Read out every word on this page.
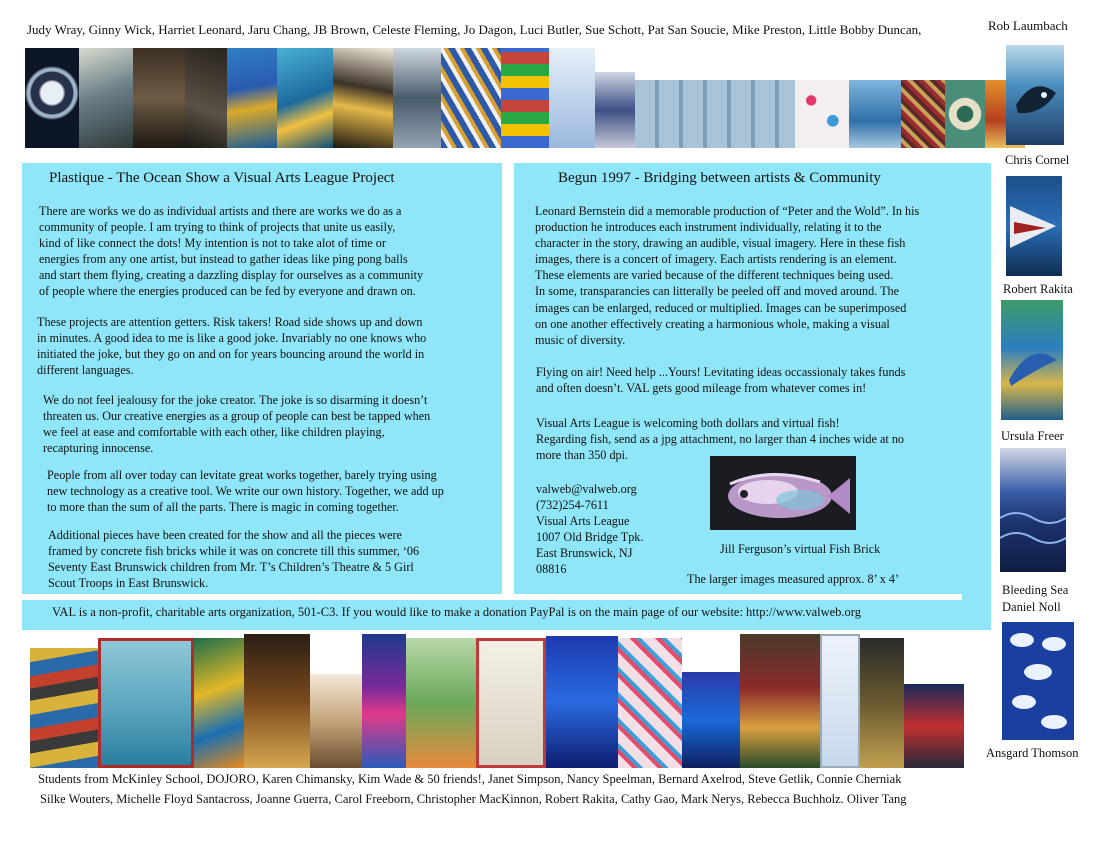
Judy Wray, Ginny Wick, Harriet Leonard, Jaru Chang, JB Brown, Celeste Fleming, Jo Dagon, Luci Butler, Sue Schott, Pat San Soucie, Mike Preston, Little Bobby Duncan,	Rob Laumbach
Plastique - The Ocean Show a Visual Arts League Project
There are works we do as individual artists and there are works we do as a
community of people. I am trying to think of projects that unite us easily,
kind of like connect the dots! My intention is not to take alot of time or
energies from any one artist, but instead to gather ideas like ping pong balls
and start them flying, creating a dazzling display for ourselves as a community
of people where the energies produced can be fed by everyone and drawn on.
These projects are attention getters. Risk takers! Road side shows up and down
in minutes. A good idea to me is like a good joke. Invariably no one knows who
initiated the joke, but they go on and on for years bouncing around the world in
different languages.
We do not feel jealousy for the joke creator. The joke is so disarming it doesn’t
threaten us. Our creative energies as a group of people can best be tapped when
we feel at ease and comfortable with each other, like children playing,
recapturing innocense.
People from all over today can levitate great works together, barely trying using
new technology as a creative tool. We write our own history. Together, we add up
to more than the sum of all the parts. There is magic in coming together.
Additional pieces have been created for the show and all the pieces were
framed by concrete fish bricks while it was on concrete till this summer, ‘06
Seventy East Brunswick children from Mr. T’s Children’s Theatre & 5 Girl
Scout Troops in East Brunswick.
Begun 1997 - Bridging between artists & Community
Leonard Bernstein did a memorable production of “Peter and the Wold”. In his
production he introduces each instrument individually, relating it to the
character in the story, drawing an audible, visual imagery. Here in these fish
images, there is a concert of imagery. Each artists rendering is an element.
These elements are varied because of the different techniques being used.
In some, transparancies can litterally be peeled off and moved around. The
images can be enlarged, reduced or multiplied. Images can be superimposed
on one another effectively creating a harmonious whole, making a visual
music of diversity.
Flying on air! Need help ...Yours! Levitating ideas occassionaly takes funds
and often doesn’t. VAL gets good mileage from whatever comes in!
Visual Arts League is welcoming both dollars and virtual fish!
Regarding fish, send as a jpg attachment, no larger than 4 inches wide at no
more than 350 dpi.
valweb@valweb.org
(732)254-7611
Visual Arts League
1007 Old Bridge Tpk.
East Brunswick, NJ
08816
Jill Ferguson’s virtual Fish Brick
The larger images measured approx. 8’ x 4’
VAL is a non-profit, charitable arts organization, 501-C3. If you would like to make a donation PayPal is on the main page of our website: http://www.valweb.org
Chris Cornel
Robert Rakita
Ursula Freer
Bleeding Sea
Daniel Noll
Ansgard Thomson
Students from McKinley School, DOJORO, Karen Chimansky, Kim Wade & 50 friends!, Janet Simpson, Nancy Speelman, Bernard Axelrod, Steve Getlik, Connie Cherniak
Silke Wouters, Michelle Floyd Santacross, Joanne Guerra, Carol Freeborn, Christopher MacKinnon, Robert Rakita, Cathy Gao, Mark Nerys, Rebecca Buchholz. Oliver Tang
